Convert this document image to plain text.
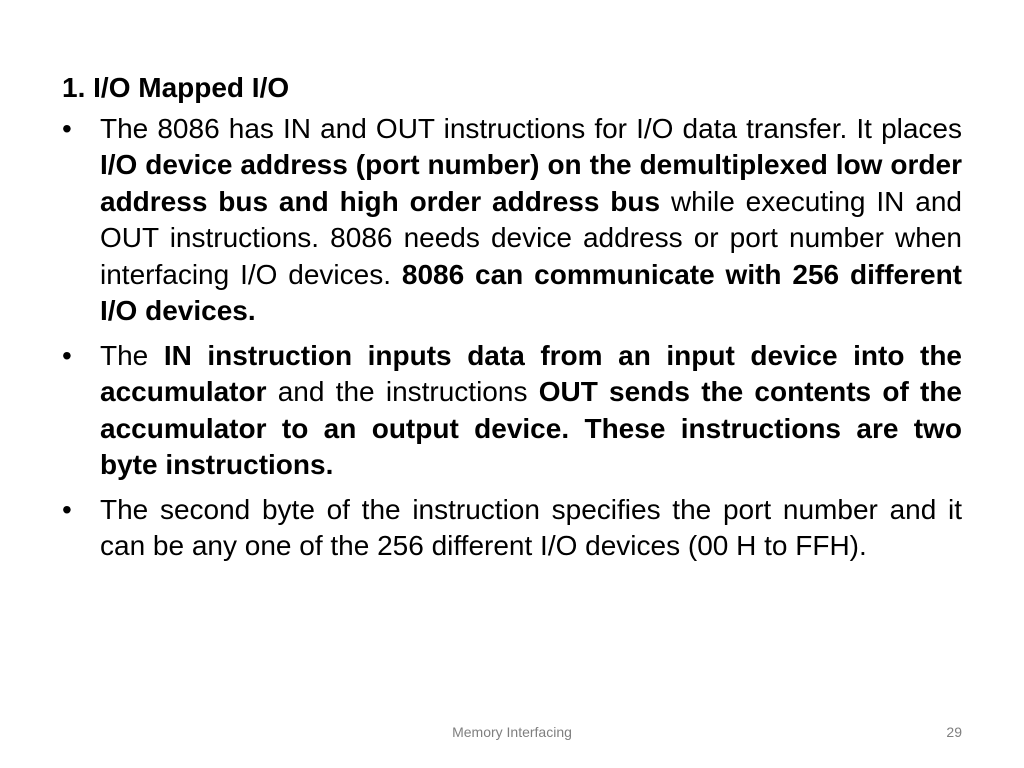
1. I/O Mapped I/O
• The 8086 has IN and OUT instructions for I/O data transfer. It places I/O device address (port number) on the demultiplexed low order address bus and high order address bus while executing IN and OUT instructions. 8086 needs device address or port number when interfacing I/O devices. 8086 can communicate with 256 different I/O devices.
• The IN instruction inputs data from an input device into the accumulator and the instructions OUT sends the contents of the accumulator to an output device. These instructions are two byte instructions.
• The second byte of the instruction specifies the port number and it can be any one of the 256 different I/O devices (00 H to FFH).
Memory Interfacing	29
